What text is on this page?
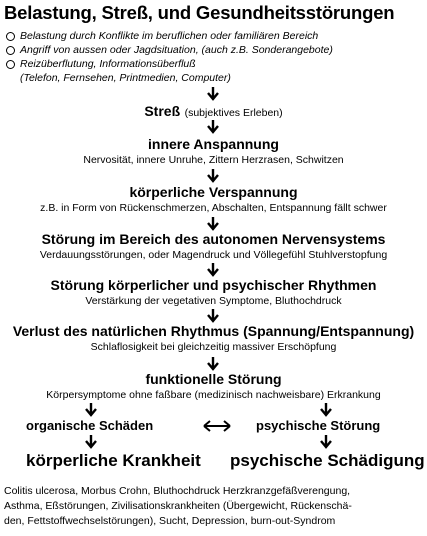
Belastung, Streß, und Gesundheitsstörungen
Belastung durch Konflikte im beruflichen oder familiären Bereich
Angriff von aussen oder Jagdsituation, (auch z.B. Sonderangebote)
Reizüberflutung, Informationsüberfluß
(Telefon, Fernsehen, Printmedien, Computer)
Streß (subjektives Erleben)
innere Anspannung
Nervosität, innere Unruhe, Zittern Herzrasen, Schwitzen
körperliche Verspannung
z.B. in Form von Rückenschmerzen, Abschalten, Entspannung fällt schwer
Störung im Bereich des autonomen Nervensystems
Verdauungsstörungen, oder Magendruck und Völlegefühl Stuhlverstopfung
Störung körperlicher und psychischer Rhythmen
Verstärkung der vegetativen Symptome, Bluthochdruck
Verlust des natürlichen Rhythmus (Spannung/Entspannung)
Schlaflosigkeit bei gleichzeitig massiver Erschöpfung
funktionelle Störung
Körpersymptome ohne faßbare (medizinisch nachweisbare) Erkrankung
organische Schäden	psychische Störung
körperliche Krankheit psychische Schädigung
Colitis ulcerosa, Morbus Crohn, Bluthochdruck Herzkranzgefäßverengung,
Asthma, Eßstörungen, Zivilisationskrankheiten (Übergewicht, Rückenschä-
den, Fettstoffwechselstörungen), Sucht, Depression, burn-out-Syndrom
